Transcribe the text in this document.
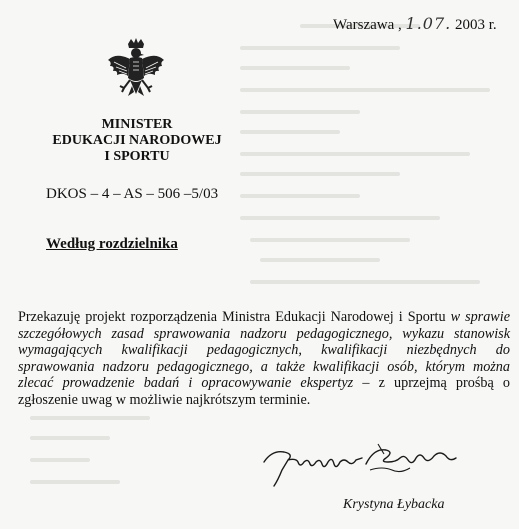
Warszawa , 1.07. 2003 r.
MINISTER
EDUKACJI NARODOWEJ
I SPORTU
DKOS – 4 – AS – 506 –5/03
Według rozdzielnika
Przekazuję projekt rozporządzenia Ministra Edukacji Narodowej i Sportu w sprawie szczegółowych zasad sprawowania nadzoru pedagogicznego, wykazu stanowisk wymagających kwalifikacji pedagogicznych, kwalifikacji niezbędnych do sprawowania nadzoru pedagogicznego, a także kwalifikacji osób, którym można zlecać prowadzenie badań i opracowywanie ekspertyz – z uprzejmą prośbą o zgłoszenie uwag w możliwie najkrótszym terminie.
Krystyna Łybacka
